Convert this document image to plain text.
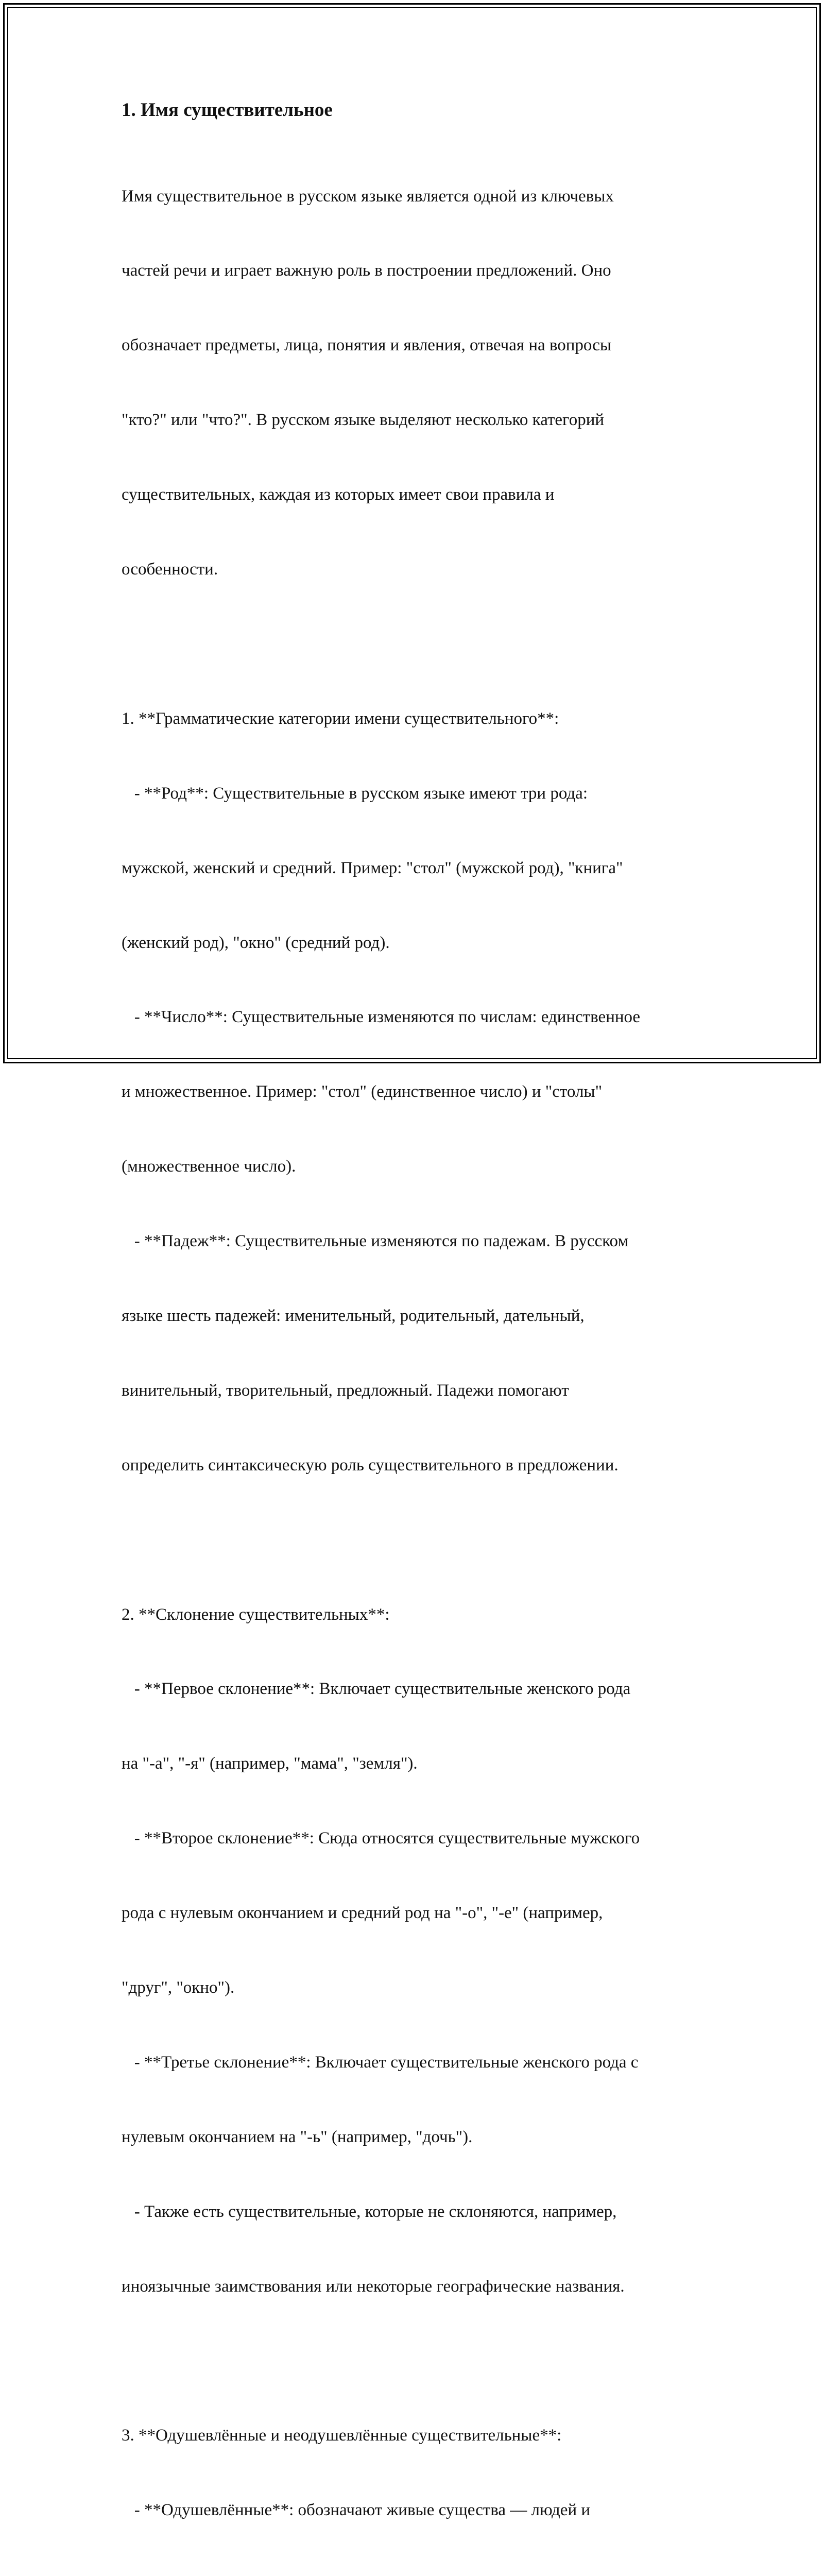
1. Имя существительное

Имя существительное в русском языке является одной из ключевых

частей речи и играет важную роль в построении предложений. Оно

обозначает предметы, лица, понятия и явления, отвечая на вопросы

"кто?" или "что?". В русском языке выделяют несколько категорий

существительных, каждая из которых имеет свои правила и

особенности.

1. **Грамматические категории имени существительного**:

- **Род**: Существительные в русском языке имеют три рода:

мужской, женский и средний. Пример: "стол" (мужской род), "книга"

(женский род), "окно" (средний род).

- **Число**: Существительные изменяются по числам: единственное

и множественное. Пример: "стол" (единственное число) и "столы"

(множественное число).

- **Падеж**: Существительные изменяются по падежам. В русском

языке шесть падежей: именительный, родительный, дательный,

винительный, творительный, предложный. Падежи помогают

определить синтаксическую роль существительного в предложении.

2. **Склонение существительных**:

- **Первое склонение**: Включает существительные женского рода

на "-а", "-я" (например, "мама", "земля").

- **Второе склонение**: Сюда относятся существительные мужского

рода с нулевым окончанием и средний род на "-о", "-е" (например,

"друг", "окно").

- **Третье склонение**: Включает существительные женского рода с

нулевым окончанием на "-ь" (например, "дочь").

- Также есть существительные, которые не склоняются, например,

иноязычные заимствования или некоторые географические названия.

3. **Одушевлённые и неодушевлённые существительные**:

- **Одушевлённые**: обозначают живые существа — людей и
